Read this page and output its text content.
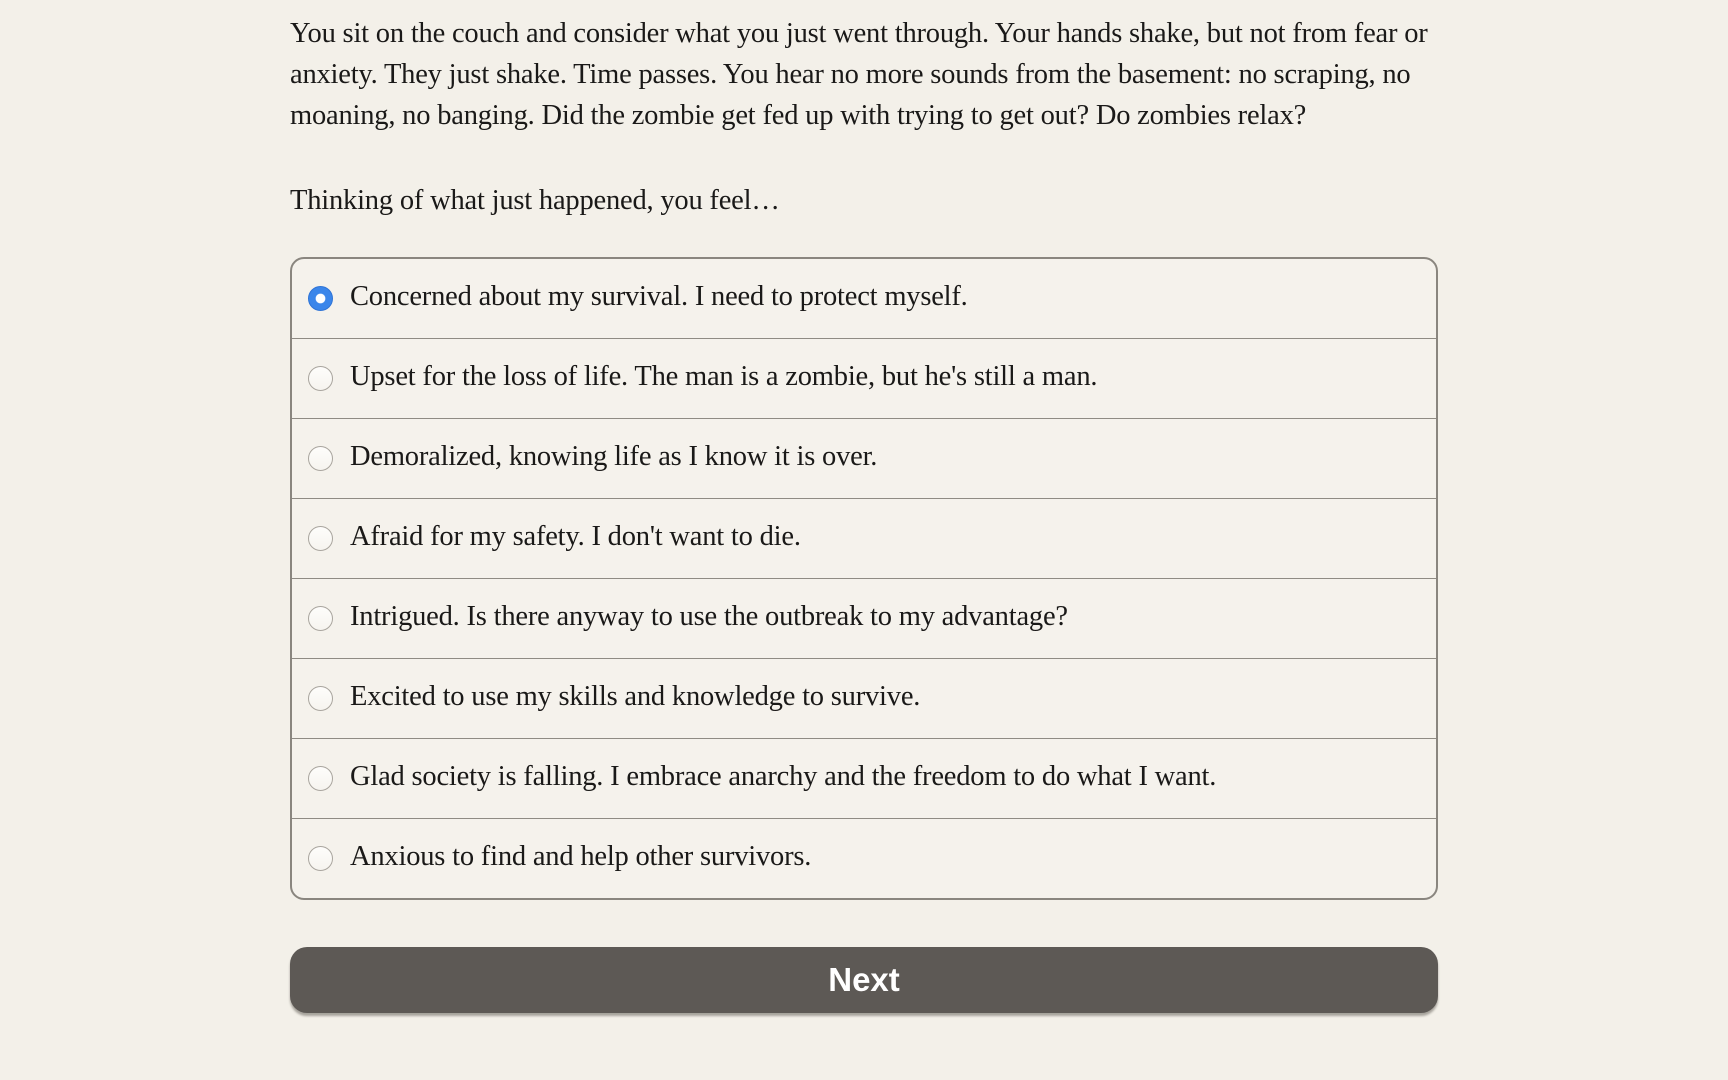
You sit on the couch and consider what you just went through. Your hands shake, but not from fear or anxiety. They just shake. Time passes. You hear no more sounds from the basement: no scraping, no moaning, no banging. Did the zombie get fed up with trying to get out? Do zombies relax?

Thinking of what just happened, you feel…

Concerned about my survival. I need to protect myself.
Upset for the loss of life. The man is a zombie, but he's still a man.
Demoralized, knowing life as I know it is over.
Afraid for my safety. I don't want to die.
Intrigued. Is there anyway to use the outbreak to my advantage?
Excited to use my skills and knowledge to survive.
Glad society is falling. I embrace anarchy and the freedom to do what I want.
Anxious to find and help other survivors.
Next
